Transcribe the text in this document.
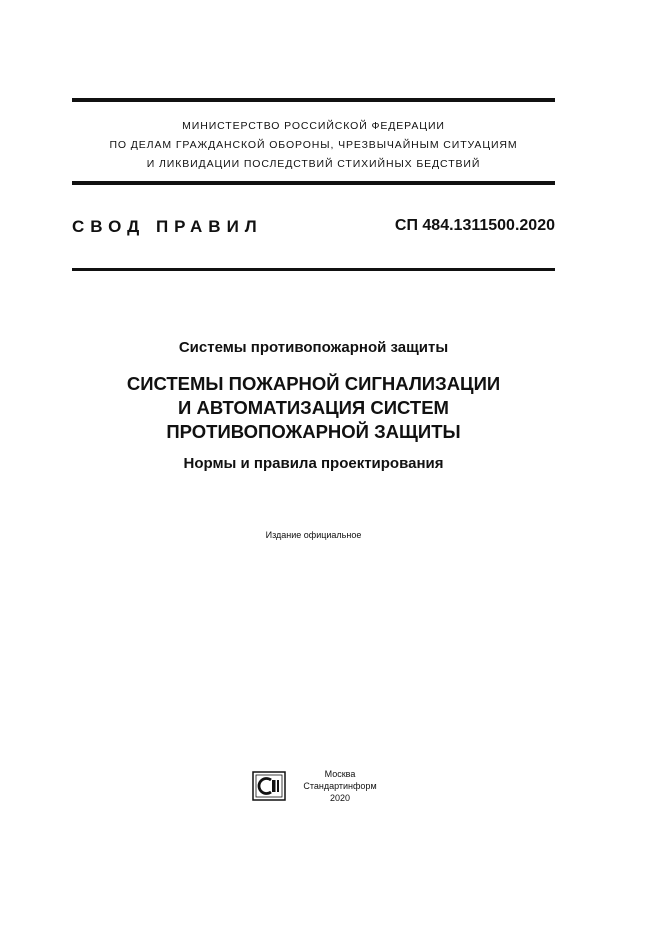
МИНИСТЕРСТВО РОССИЙСКОЙ ФЕДЕРАЦИИ
ПО ДЕЛАМ ГРАЖДАНСКОЙ ОБОРОНЫ, ЧРЕЗВЫЧАЙНЫМ СИТУАЦИЯМ
И ЛИКВИДАЦИИ ПОСЛЕДСТВИЙ СТИХИЙНЫХ БЕДСТВИЙ
СВОД ПРАВИЛ	СП 484.1311500.2020
Системы противопожарной защиты
СИСТЕМЫ ПОЖАРНОЙ СИГНАЛИЗАЦИИ
И АВТОМАТИЗАЦИЯ СИСТЕМ
ПРОТИВОПОЖАРНОЙ ЗАЩИТЫ
Нормы и правила проектирования
Издание официальное
Москва
Стандартинформ
2020
